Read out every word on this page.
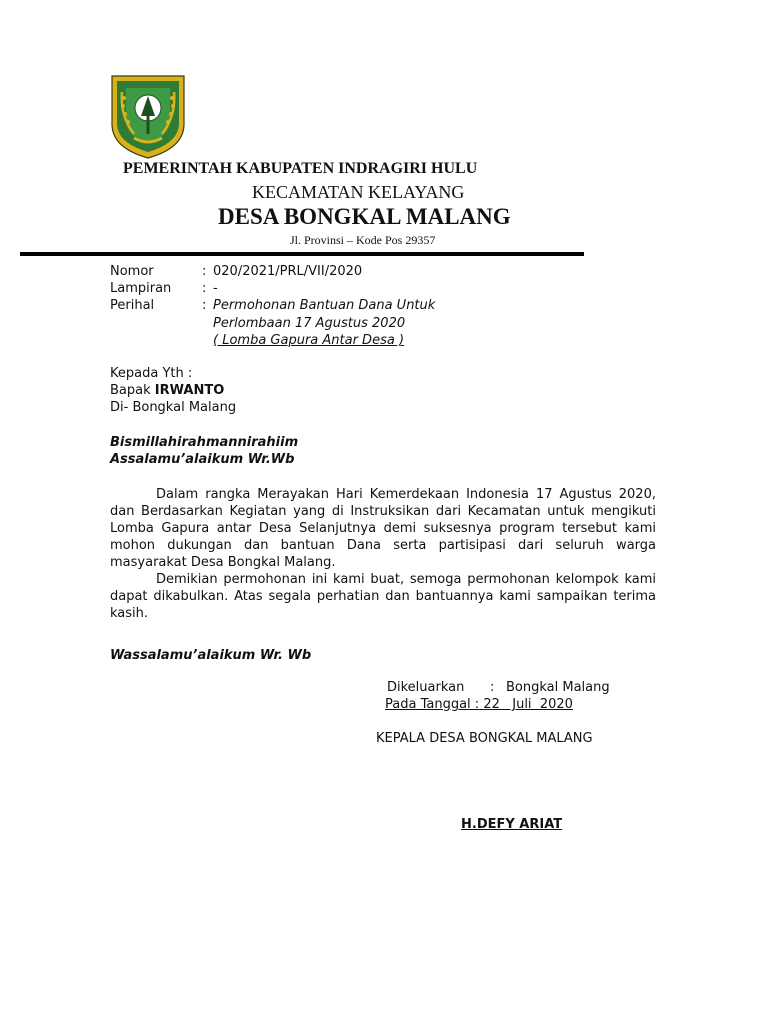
PEMERINTAH KABUPATEN INDRAGIRI HULU
KECAMATAN KELAYANG
DESA BONGKAL MALANG
Jl. Provinsi – Kode Pos 29357
Nomor	: 020/2021/PRL/VII/2020
Lampiran : -
Perihal	: Permohonan Bantuan Dana Untuk
Perlombaan 17 Agustus 2020
( Lomba Gapura Antar Desa )
Kepada Yth :
Bapak IRWANTO
Di- Bongkal Malang
Bismillahirahmannirahiim
Assalamu’alaikum Wr.Wb

Dalam rangka Merayakan Hari Kemerdekaan Indonesia 17 Agustus 2020, dan Berdasarkan Kegiatan yang di Instruksikan dari Kecamatan untuk mengikuti Lomba Gapura antar Desa Selanjutnya demi suksesnya program tersebut kami mohon dukungan dan bantuan Dana serta partisipasi dari seluruh warga masyarakat Desa Bongkal Malang.

Demikian permohonan ini kami buat, semoga permohonan kelompok kami dapat dikabulkan. Atas segala perhatian dan bantuannya kami sampaikan terima kasih.

Wassalamu’alaikum Wr. Wb
Dikeluarkan : Bongkal Malang
Pada Tanggal : 22   Juli  2020
KEPALA DESA BONGKAL MALANG
H.DEFY ARIAT
